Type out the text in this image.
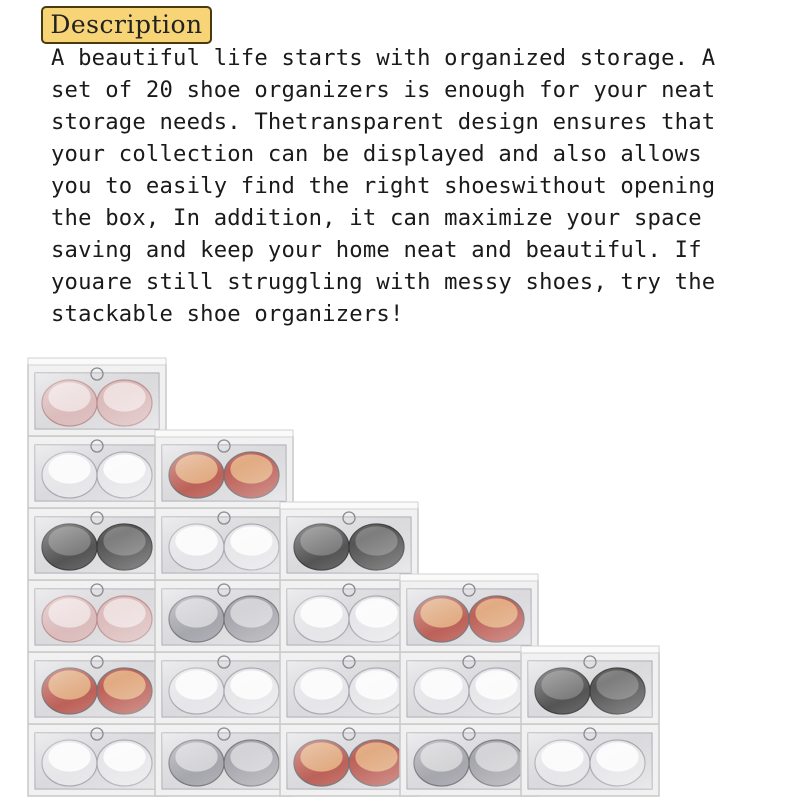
Description
A beautiful life starts with organized storage. A
set of 20 shoe organizers is enough for your neat
storage needs. Thetransparent design ensures that
your collection can be displayed and also allows
you to easily find the right shoeswithout opening
the box, In addition, it can maximize your space
saving and keep your home neat and beautiful. If
youare still struggling with messy shoes, try the
stackable shoe organizers!
